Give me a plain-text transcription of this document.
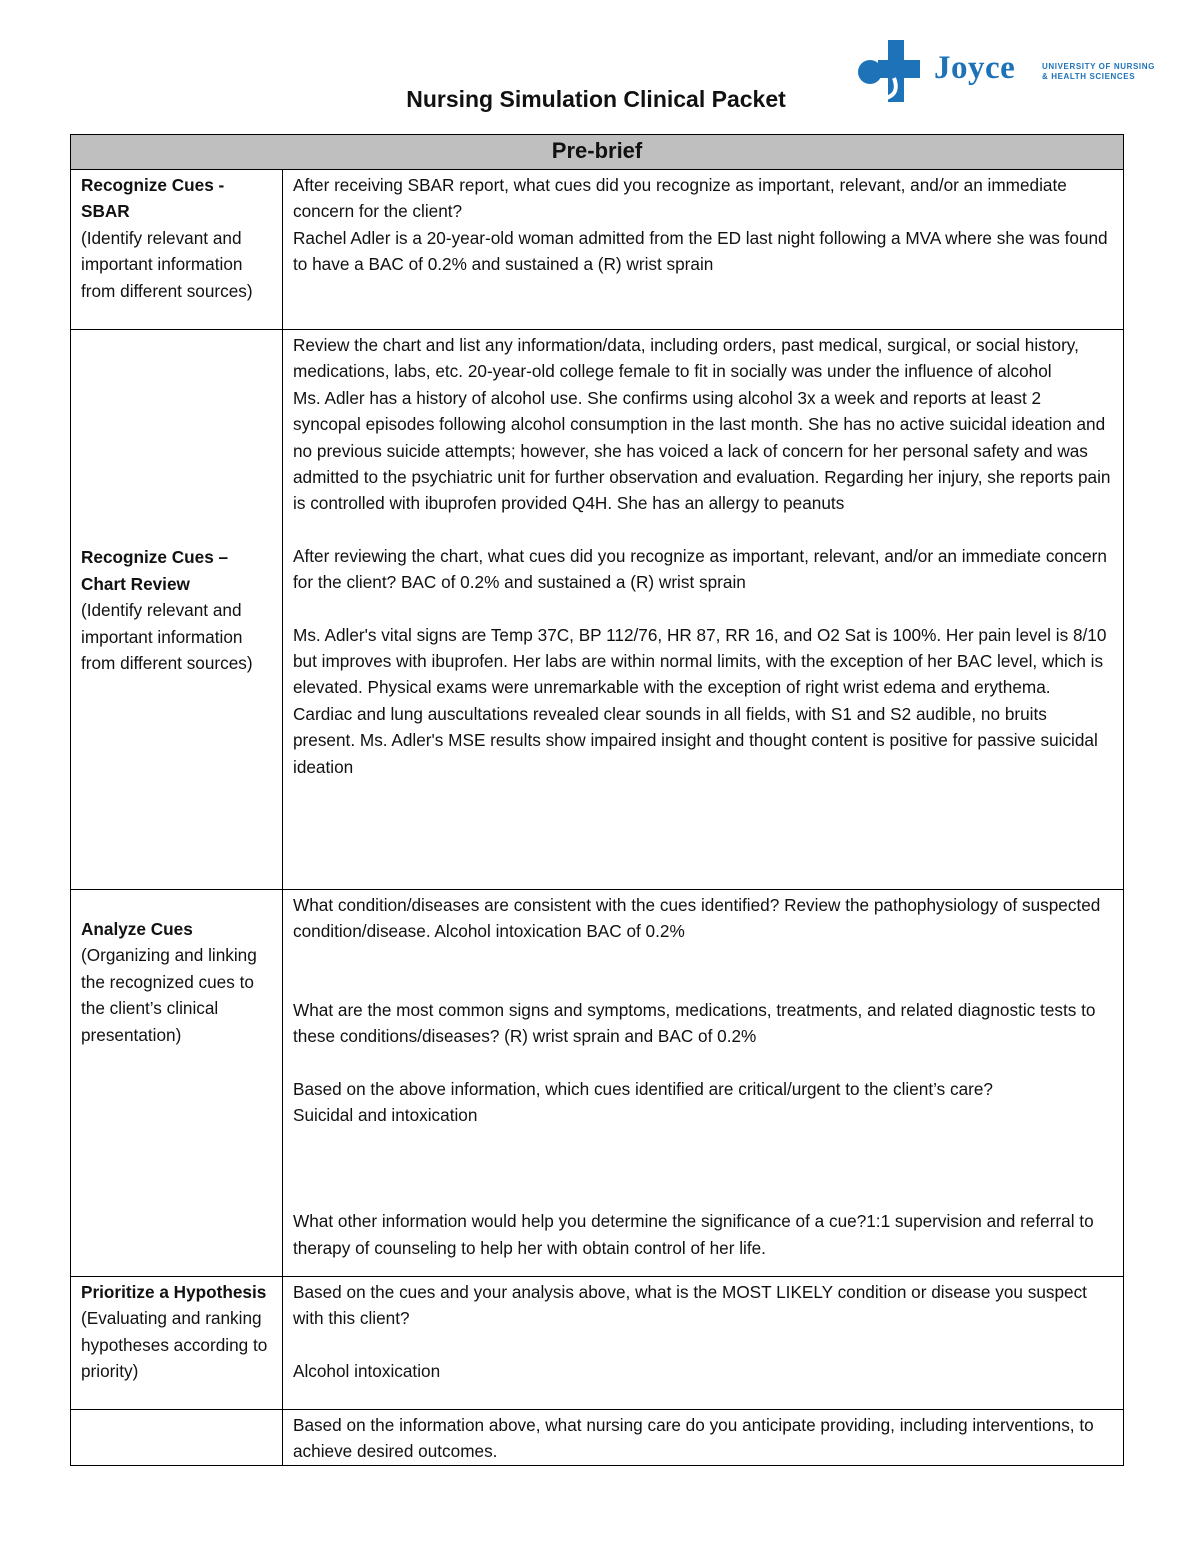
Joyce	UNIVERSITY OF NURSING
& HEALTH SCIENCES
Nursing Simulation Clinical Packet
Pre-brief	

Recognize Cues - SBAR
(Identify relevant and important information from different sources)	After receiving SBAR report, what cues did you recognize as important, relevant, and/or an immediate concern for the client?
Rachel Adler is a 20-year-old woman admitted from the ED last night following a MVA where she was found to have a BAC of 0.2% and sustained a (R) wrist sprain

Recognize Cues – Chart Review
(Identify relevant and important information from different sources)	Review the chart and list any information/data, including orders, past medical, surgical, or social history, medications, labs, etc. 20-year-old college female to fit in socially was under the influence of alcohol
Ms. Adler has a history of alcohol use. She confirms using alcohol 3x a week and reports at least 2 syncopal episodes following alcohol consumption in the last month. She has no active suicidal ideation and no previous suicide attempts; however, she has voiced a lack of concern for her personal safety and was admitted to the psychiatric unit for further observation and evaluation. Regarding her injury, she reports pain is controlled with ibuprofen provided Q4H. She has an allergy to peanuts
After reviewing the chart, what cues did you recognize as important, relevant, and/or an immediate concern for the client? BAC of 0.2% and sustained a (R) wrist sprain
Ms. Adler's vital signs are Temp 37C, BP 112/76, HR 87, RR 16, and O2 Sat is 100%. Her pain level is 8/10 but improves with ibuprofen. Her labs are within normal limits, with the exception of her BAC level, which is elevated. Physical exams were unremarkable with the exception of right wrist edema and erythema. Cardiac and lung auscultations revealed clear sounds in all fields, with S1 and S2 audible, no bruits present. Ms. Adler's MSE results show impaired insight and thought content is positive for passive suicidal ideation

Analyze Cues
(Organizing and linking the recognized cues to the client’s clinical presentation)	What condition/diseases are consistent with the cues identified? Review the pathophysiology of suspected condition/disease. Alcohol intoxication BAC of 0.2%
What are the most common signs and symptoms, medications, treatments, and related diagnostic tests to these conditions/diseases? (R) wrist sprain and BAC of 0.2%
Based on the above information, which cues identified are critical/urgent to the client’s care?
Suicidal and intoxication
What other information would help you determine the significance of a cue?1:1 supervision and referral to therapy of counseling to help her with obtain control of her life.

Prioritize a Hypothesis
(Evaluating and ranking hypotheses according to priority)	Based on the cues and your analysis above, what is the MOST LIKELY condition or disease you suspect with this client?
Alcohol intoxication

	Based on the information above, what nursing care do you anticipate providing, including interventions, to achieve desired outcomes.
